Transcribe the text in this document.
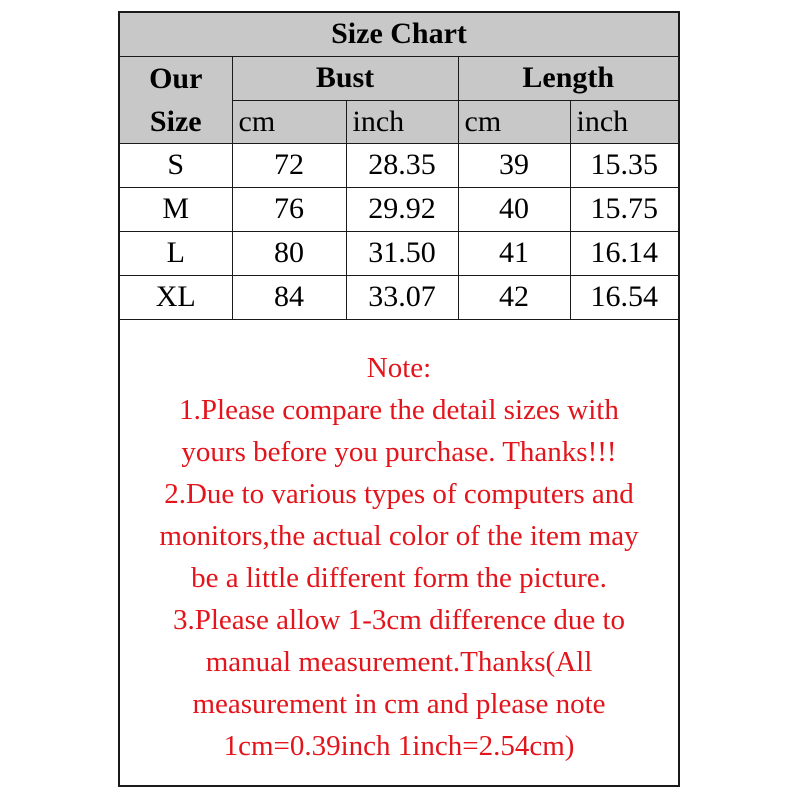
Size Chart				

Our
Size	Bust		Length	
	cm	inch	cm	inch
S	72	28.35	39	15.35
M	76	29.92	40	15.75
L	80	31.50	41	16.14
XL	84	33.07	42	16.54
Note:
1.Please compare the detail sizes with
yours before you purchase. Thanks!!!
2.Due to various types of computers and
monitors,the actual color of the item may
be a little different form the picture.
3.Please allow 1-3cm difference due to
manual measurement.Thanks(All
measurement in cm and please note
1cm=0.39inch 1inch=2.54cm)
